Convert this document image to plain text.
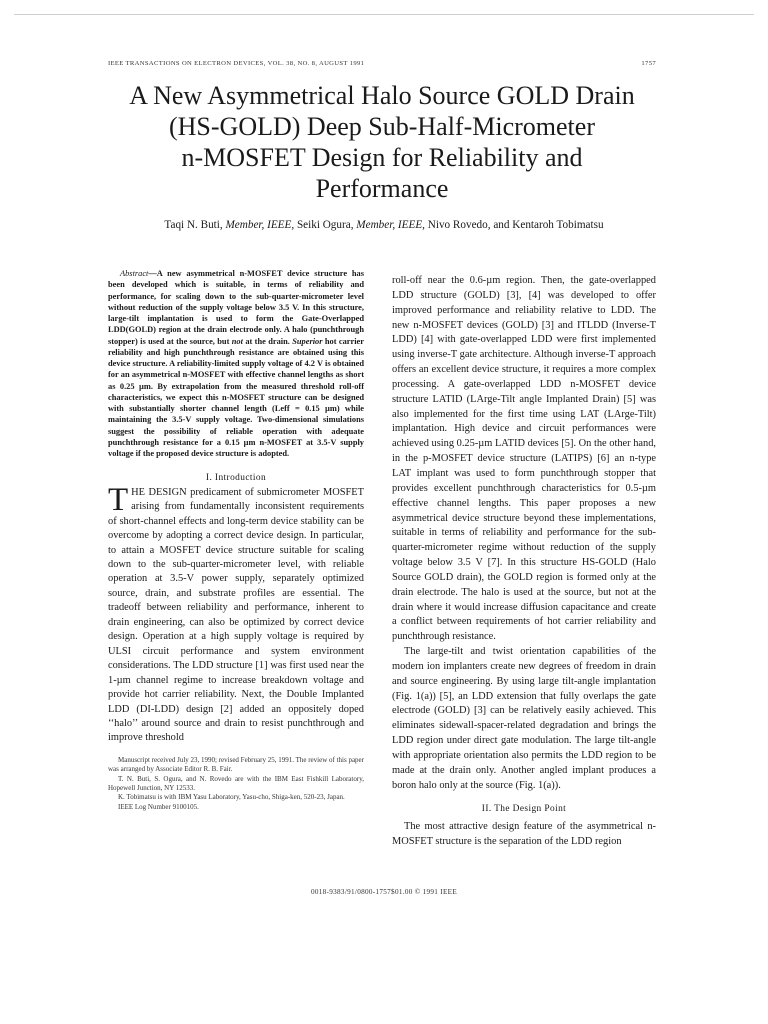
IEEE TRANSACTIONS ON ELECTRON DEVICES, VOL. 38, NO. 8, AUGUST 1991	1757
A New Asymmetrical Halo Source GOLD Drain
(HS-GOLD) Deep Sub-Half-Micrometer
n-MOSFET Design for Reliability and
Performance

Taqi N. Buti, Member, IEEE, Seiki Ogura, Member, IEEE, Nivo Rovedo, and Kentaroh Tobimatsu

Abstract—A new asymmetrical n-MOSFET device structure has been developed which is suitable, in terms of reliability and performance, for scaling down to the sub-quarter-micrometer level without reduction of the supply voltage below 3.5 V. In this structure, large-tilt implantation is used to form the Gate-Overlapped LDD(GOLD) region at the drain electrode only. A halo (punchthrough stopper) is used at the source, but not at the drain. Superior hot carrier reliability and high punchthrough resistance are obtained using this device structure. A reliability-limited supply voltage of 4.2 V is obtained for an asymmetrical n-MOSFET with effective channel lengths as short as 0.25 µm. By extrapolation from the measured threshold roll-off characteristics, we expect this n-MOSFET structure can be designed with substantially shorter channel length (Leff = 0.15 µm) while maintaining the 3.5-V supply voltage. Two-dimensional simulations suggest the possibility of reliable operation with adequate punchthrough resistance for a 0.15 µm n-MOSFET at 3.5-V supply voltage if the proposed device structure is adopted.

I. Introduction

THE DESIGN predicament of submicrometer MOSFET arising from fundamentally inconsistent requirements of short-channel effects and long-term device stability can be overcome by adopting a correct device design. In particular, to attain a MOSFET device structure suitable for scaling down to the sub-quarter-micrometer level, with reliable operation at 3.5-V power supply, separately optimized source, drain, and substrate profiles are essential. The tradeoff between reliability and performance, inherent to drain engineering, can also be optimized by correct device design. Operation at a high supply voltage is required by ULSI circuit performance and system environment considerations. The LDD structure [1] was first used near the 1-µm channel regime to increase breakdown voltage and provide hot carrier reliability. Next, the Double Implanted LDD (DI-LDD) design [2] added an oppositely doped ‘‘halo’’ around source and drain to resist punchthrough and improve threshold

Manuscript received July 23, 1990; revised February 25, 1991. The review of this paper was arranged by Associate Editor R. B. Fair.

T. N. Buti, S. Ogura, and N. Rovedo are with the IBM East Fishkill Laboratory, Hopewell Junction, NY 12533.

K. Tobimatsu is with IBM Yasu Laboratory, Yasu-cho, Shiga-ken, 520-23, Japan.

IEEE Log Number 9100105.

roll-off near the 0.6-µm region. Then, the gate-overlapped LDD structure (GOLD) [3], [4] was developed to offer improved performance and reliability relative to LDD. The new n-MOSFET devices (GOLD) [3] and ITLDD (Inverse-T LDD) [4] with gate-overlapped LDD were first implemented using inverse-T gate architecture. Although inverse-T approach offers an excellent device structure, it requires a more complex processing. A gate-overlapped LDD n-MOSFET device structure LATID (LArge-Tilt angle Implanted Drain) [5] was also implemented for the first time using LAT (LArge-Tilt) implantation. High device and circuit performances were achieved using 0.25-µm LATID devices [5]. On the other hand, in the p-MOSFET device structure (LATIPS) [6] an n-type LAT implant was used to form punchthrough stopper that provides excellent punchthrough characteristics for 0.5-µm effective channel lengths. This paper proposes a new asymmetrical device structure beyond these implementations, suitable in terms of reliability and performance for the sub-quarter-micrometer regime without reduction of the supply voltage below 3.5 V [7]. In this structure HS-GOLD (Halo Source GOLD drain), the GOLD region is formed only at the drain electrode. The halo is used at the source, but not at the drain where it would increase diffusion capacitance and create a conflict between requirements of hot carrier reliability and punchthrough resistance.

The large-tilt and twist orientation capabilities of the modern ion implanters create new degrees of freedom in drain and source engineering. By using large tilt-angle implantation (Fig. 1(a)) [5], an LDD extension that fully overlaps the gate electrode (GOLD) [3] can be relatively easily achieved. This eliminates sidewall-spacer-related degradation and brings the LDD region under direct gate modulation. The large tilt-angle with appropriate orientation also permits the LDD region to be made at the drain only. Another angled implant produces a boron halo only at the source (Fig. 1(a)).

II. The Design Point

The most attractive design feature of the asymmetrical n-MOSFET structure is the separation of the LDD region

0018-9383/91/0800-1757$01.00 © 1991 IEEE
